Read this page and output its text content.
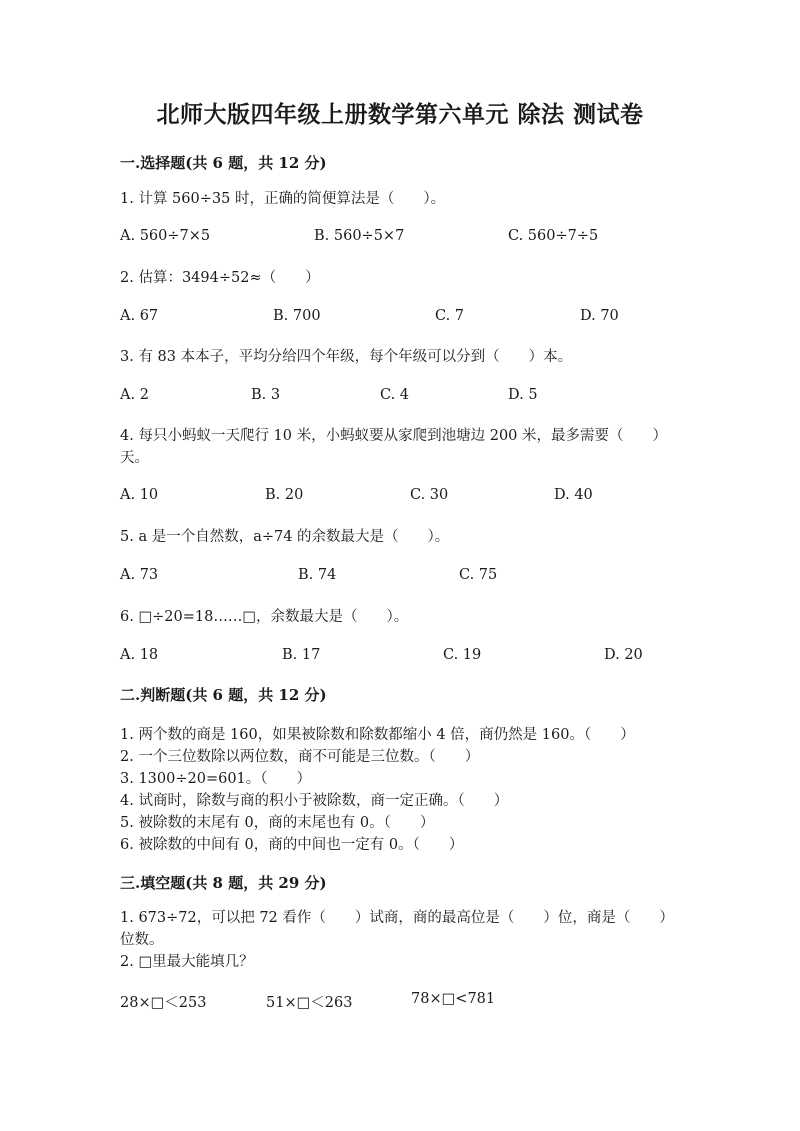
北师大版四年级上册数学第六单元 除法 测试卷
一.选择题(共 6 题，共 12 分)
1. 计算 560÷35 时，正确的简便算法是（　　）。
A. 560÷7×5	B. 560÷5×7	C. 560÷7÷5
2. 估算：3494÷52≈（　　）
A. 67	B. 700	C. 7	D. 70
3. 有 83 本本子，平均分给四个年级，每个年级可以分到（　　）本。
A. 2	B. 3	C. 4	D. 5
4. 每只小蚂蚁一天爬行 10 米，小蚂蚁要从家爬到池塘边 200 米，最多需要（　　）天。
A. 10	B. 20	C. 30	D. 40
5. a 是一个自然数，a÷74 的余数最大是（　　）。
A. 73	B. 74	C. 75
6. □÷20=18……□，余数最大是（　　）。
A. 18	B. 17	C. 19	D. 20
二.判断题(共 6 题，共 12 分)
1. 两个数的商是 160，如果被除数和除数都缩小 4 倍，商仍然是 160。（　　）
2. 一个三位数除以两位数，商不可能是三位数。（　　）
3. 1300÷20=601。（　　）
4. 试商时，除数与商的积小于被除数，商一定正确。（　　）
5. 被除数的末尾有 0，商的末尾也有 0。（　　）
6. 被除数的中间有 0，商的中间也一定有 0。（　　）
三.填空题(共 8 题，共 29 分)
1. 673÷72，可以把 72 看作（　　）试商，商的最高位是（　　）位，商是（　　）位数。
2. □里最大能填几？
28×□＜253	51×□＜263	78×□<781
